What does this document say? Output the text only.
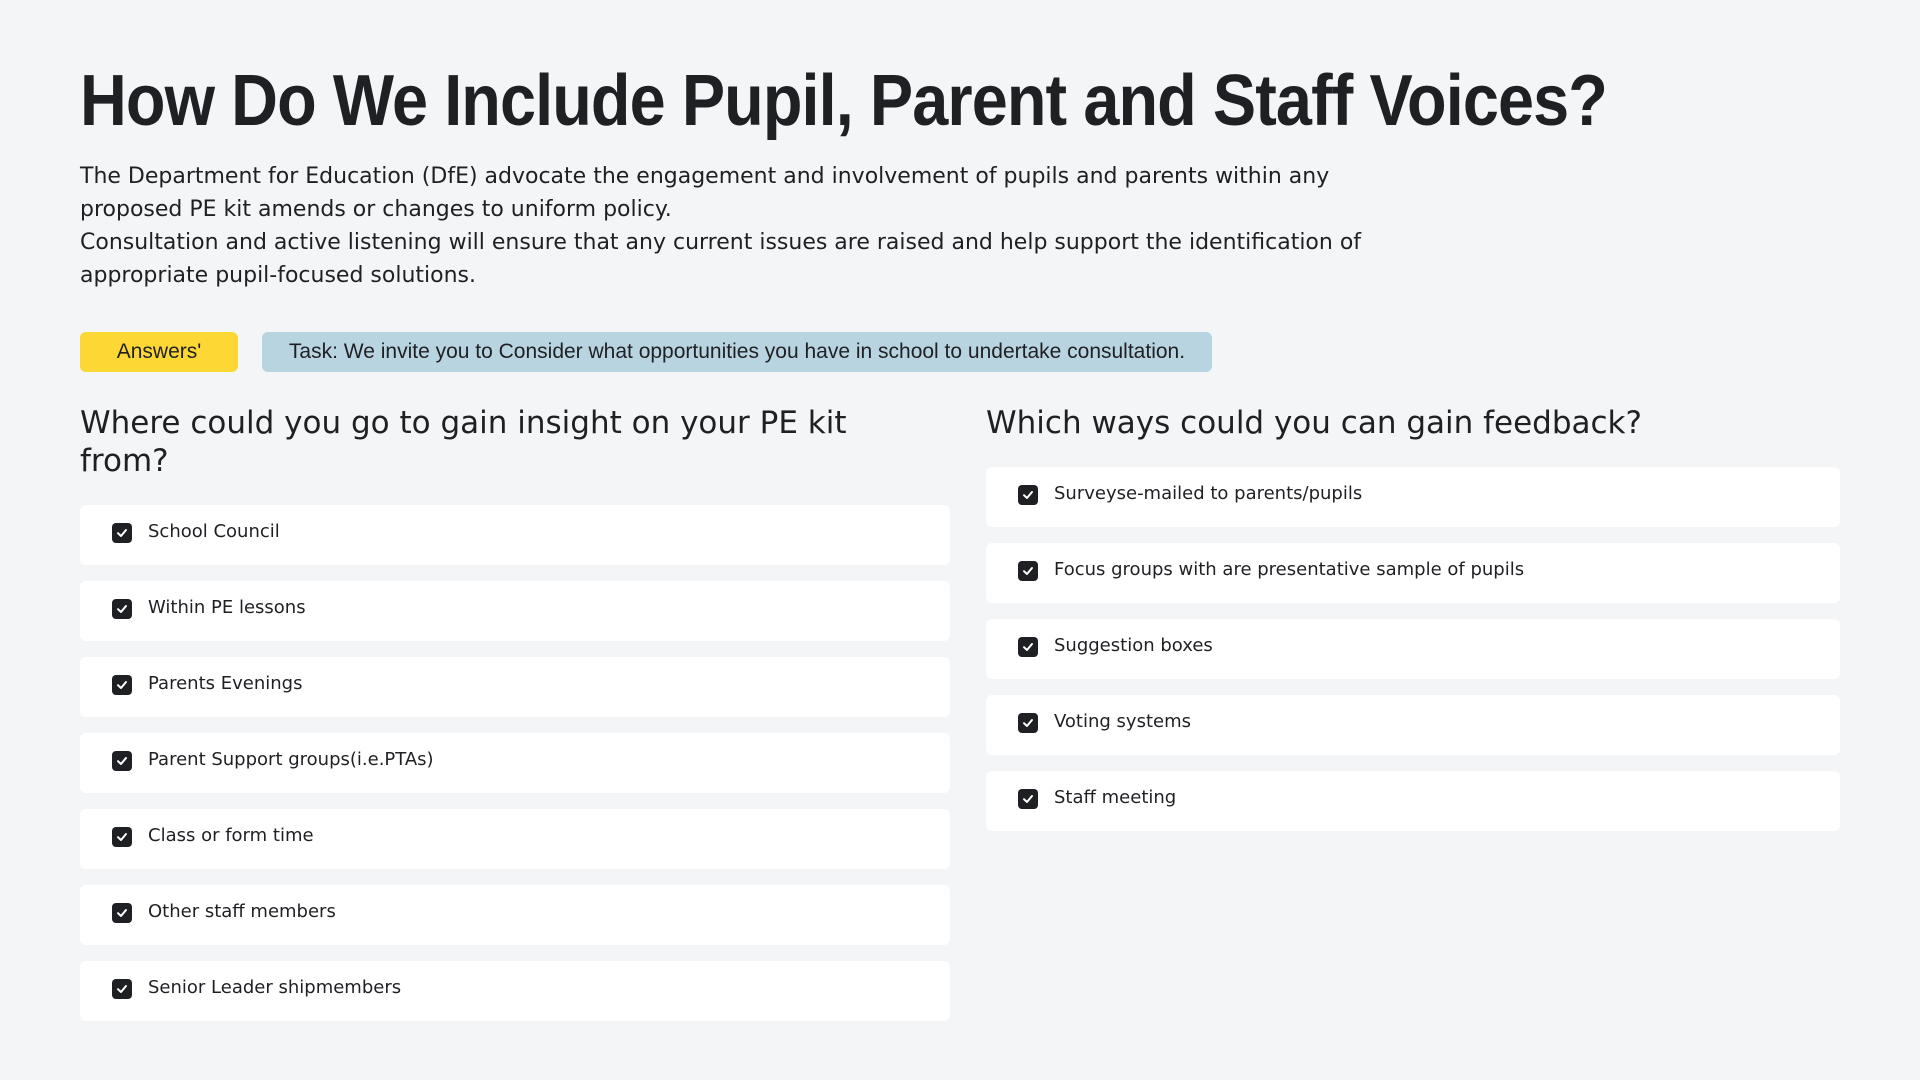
How Do We Include Pupil, Parent and Staff Voices?

The Department for Education (DfE) advocate the engagement and involvement of pupils and parents within any proposed PE kit amends or changes to uniform policy.

Consultation and active listening will ensure that any current issues are raised and help support the identification of appropriate pupil-focused solutions.

Answers'	Task: We invite you to Consider what opportunities you have in school to undertake consultation.
Where could you go to gain insight on your PE kit from?
Which ways could you can gain feedback?
School Council
Within PE lessons
Parents Evenings
Parent Support groups(i.e.PTAs)
Class or form time
Other staff members
Senior Leader shipmembers
Surveyse-mailed to parents/pupils
Focus groups with are presentative sample of pupils
Suggestion boxes
Voting systems
Staff meeting
